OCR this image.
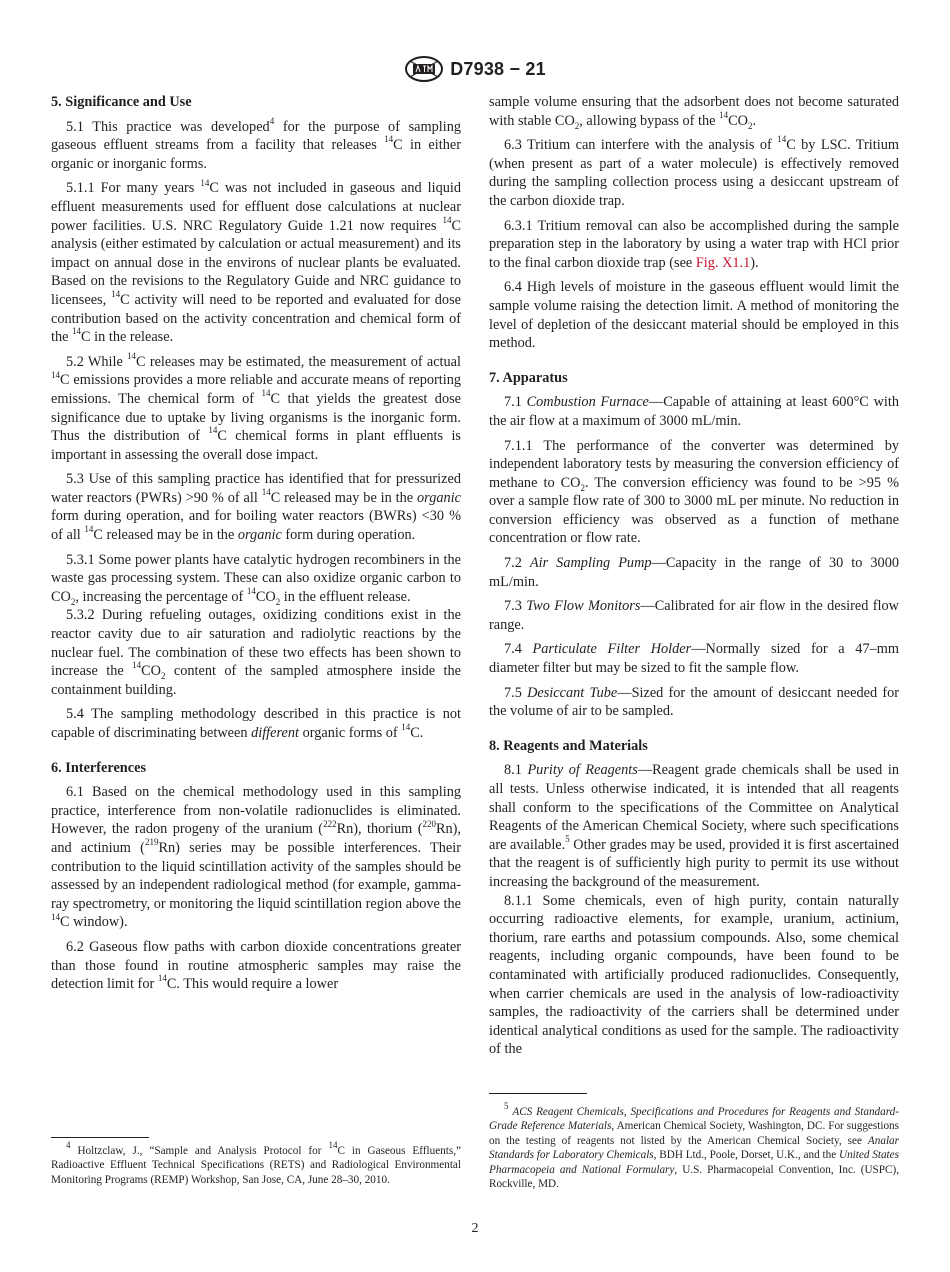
D7938 − 21
5. Significance and Use

5.1 This practice was developed$^4$ for the purpose of sampling gaseous effluent streams from a facility that releases $^{14}$C in either organic or inorganic forms.

5.1.1 For many years $^{14}$C was not included in gaseous and liquid effluent measurements used for effluent dose calculations at nuclear power facilities. U.S. NRC Regulatory Guide 1.21 now requires $^{14}$C analysis (either estimated by calculation or actual measurement) and its impact on annual dose in the environs of nuclear plants be evaluated. Based on the revisions to the Regulatory Guide and NRC guidance to licensees, $^{14}$C activity will need to be reported and evaluated for dose contribution based on the activity concentration and chemical form of the $^{14}$C in the release.

5.2 While $^{14}$C releases may be estimated, the measurement of actual $^{14}$C emissions provides a more reliable and accurate means of reporting emissions. The chemical form of $^{14}$C that yields the greatest dose significance due to uptake by living organisms is the inorganic form. Thus the distribution of $^{14}$C chemical forms in plant effluents is important in assessing the overall dose impact.

5.3 Use of this sampling practice has identified that for pressurized water reactors (PWRs) >90 % of all $^{14}$C released may be in the organic form during operation, and for boiling water reactors (BWRs) <30 % of all $^{14}$C released may be in the organic form during operation.

5.3.1 Some power plants have catalytic hydrogen recombiners in the waste gas processing system. These can also oxidize organic carbon to $CO_2$, increasing the percentage of $^{14}CO_2$ in the effluent release.

5.3.2 During refueling outages, oxidizing conditions exist in the reactor cavity due to air saturation and radiolytic reactions by the nuclear fuel. The combination of these two effects has been shown to increase the $^{14}CO_2$ content of the sampled atmosphere inside the containment building.

5.4 The sampling methodology described in this practice is not capable of discriminating between different organic forms of $^{14}$C.

6. Interferences

6.1 Based on the chemical methodology used in this sampling practice, interference from non-volatile radionuclides is eliminated. However, the radon progeny of the uranium ($^{222}$Rn), thorium ($^{220}$Rn), and actinium ($^{219}$Rn) series may be possible interferences. Their contribution to the liquid scintillation activity of the samples should be assessed by an independent radiological method (for example, gamma-ray spectrometry, or monitoring the liquid scintillation region above the $^{14}$C window).

6.2 Gaseous flow paths with carbon dioxide concentrations greater than those found in routine atmospheric samples may raise the detection limit for $^{14}$C. This would require a lower

$^4$ Holtzclaw, J., “Sample and Analysis Protocol for $^{14}$C in Gaseous Effluents,” Radioactive Effluent Technical Specifications (RETS) and Radiological Environmental Monitoring Programs (REMP) Workshop, San Jose, CA, June 28–30, 2010.

sample volume ensuring that the adsorbent does not become saturated with stable $CO_2$, allowing bypass of the $^{14}CO_2$.

6.3 Tritium can interfere with the analysis of $^{14}$C by LSC. Tritium (when present as part of a water molecule) is effectively removed during the sampling collection process using a desiccant upstream of the carbon dioxide trap.

6.3.1 Tritium removal can also be accomplished during the sample preparation step in the laboratory by using a water trap with HCl prior to the final carbon dioxide trap (see Fig. X1.1).

6.4 High levels of moisture in the gaseous effluent would limit the sample volume raising the detection limit. A method of monitoring the level of depletion of the desiccant material should be employed in this method.

7. Apparatus

7.1 Combustion Furnace—Capable of attaining at least 600°C with the air flow at a maximum of 3000 mL/min.

7.1.1 The performance of the converter was determined by independent laboratory tests by measuring the conversion efficiency of methane to $CO_2$. The conversion efficiency was found to be >95 % over a sample flow rate of 300 to 3000 mL per minute. No reduction in conversion efficiency was observed as a function of methane concentration or flow rate.

7.2 Air Sampling Pump—Capacity in the range of 30 to 3000 mL/min.

7.3 Two Flow Monitors—Calibrated for air flow in the desired flow range.

7.4 Particulate Filter Holder—Normally sized for a 47–mm diameter filter but may be sized to fit the sample flow.

7.5 Desiccant Tube—Sized for the amount of desiccant needed for the volume of air to be sampled.

8. Reagents and Materials

8.1 Purity of Reagents—Reagent grade chemicals shall be used in all tests. Unless otherwise indicated, it is intended that all reagents shall conform to the specifications of the Committee on Analytical Reagents of the American Chemical Society, where such specifications are available.$^5$ Other grades may be used, provided it is first ascertained that the reagent is of sufficiently high purity to permit its use without increasing the background of the measurement.

8.1.1 Some chemicals, even of high purity, contain naturally occurring radioactive elements, for example, uranium, actinium, thorium, rare earths and potassium compounds. Also, some chemical reagents, including organic compounds, have been found to be contaminated with artificially produced radionuclides. Consequently, when carrier chemicals are used in the analysis of low-radioactivity samples, the radioactivity of the carriers shall be determined under identical analytical conditions as used for the sample. The radioactivity of the

$^5$ ACS Reagent Chemicals, Specifications and Procedures for Reagents and Standard-Grade Reference Materials, American Chemical Society, Washington, DC. For suggestions on the testing of reagents not listed by the American Chemical Society, see Analar Standards for Laboratory Chemicals, BDH Ltd., Poole, Dorset, U.K., and the United States Pharmacopeia and National Formulary, U.S. Pharmacopeial Convention, Inc. (USPC), Rockville, MD.

2
